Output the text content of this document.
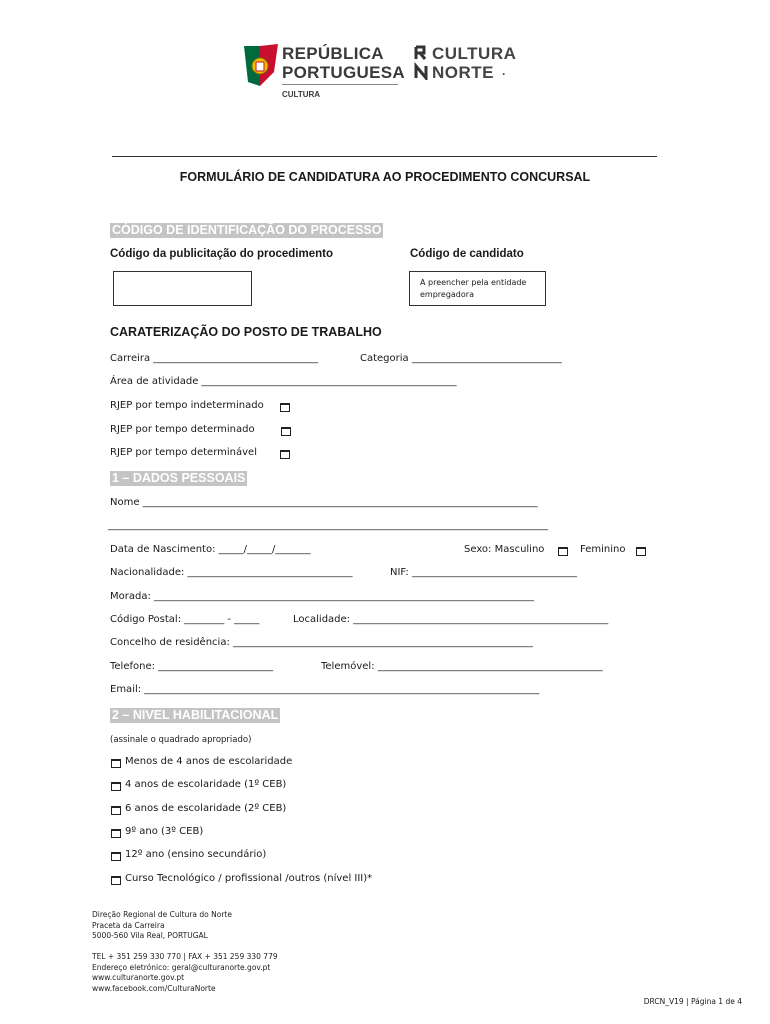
REPÚBLICA
PORTUGUESA
CULTURA
CULTURA
NORTE ·
FORMULÁRIO DE CANDIDATURA AO PROCEDIMENTO CONCURSAL
CÓDIGO DE IDENTIFICAÇÃO DO PROCESSO
Código da publicitação do procedimento	Código de candidato
A preencher pela entidade empregadora
CARATERIZAÇÃO DO POSTO DE TRABALHO
Carreira _________________________________	Categoria ______________________________
Área de atividade ___________________________________________________
RJEP por tempo indeterminado
RJEP por tempo determinado
RJEP por tempo determinável
1 – DADOS PESSOAIS
Nome _______________________________________________________________________________
________________________________________________________________________________________
Data de Nascimento: _____/_____/_______	Sexo: Masculino	Feminino
Nacionalidade: _________________________________	NIF: _________________________________
Morada: ____________________________________________________________________________
Código Postal: ________ - _____	Localidade: ___________________________________________________
Concelho de residência: ____________________________________________________________
Telefone: _______________________	Telemóvel: _____________________________________________
Email: _______________________________________________________________________________
2 – NIVEL HABILITACIONAL
(assinale o quadrado apropriado)
Menos de 4 anos de escolaridade
4 anos de escolaridade (1º CEB)
6 anos de escolaridade (2º CEB)
9º ano (3º CEB)
12º ano (ensino secundário)
Curso Tecnológico / profissional /outros (nível III)*
Direção Regional de Cultura do Norte
Praceta da Carreira
5000-560 Vila Real, PORTUGAL
TEL + 351 259 330 770 | FAX + 351 259 330 779
Endereço eletrónico: geral@culturanorte.gov.pt
www.culturanorte.gov.pt
www.facebook.com/CulturaNorte
DRCN_V19 | Página 1 de 4
